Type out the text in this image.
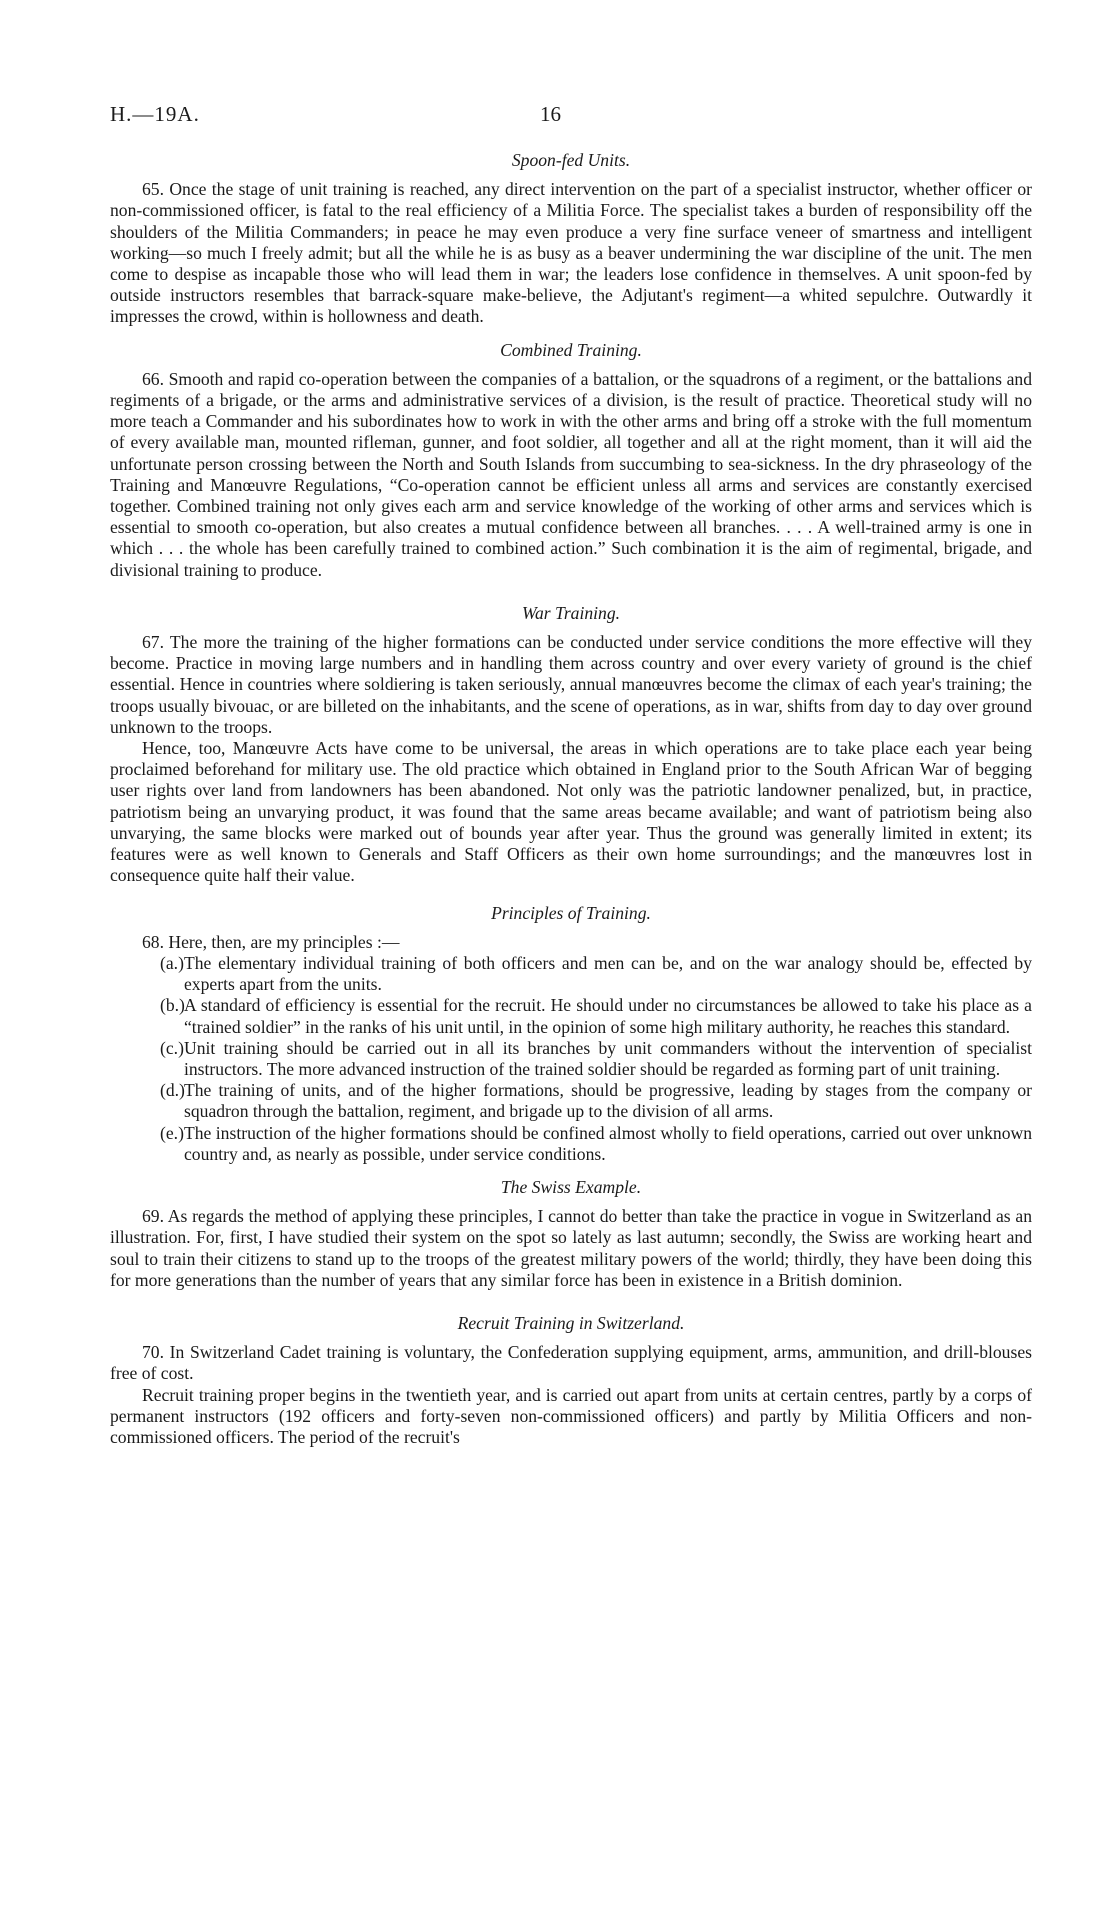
H.—19A.	16
Spoon-fed Units.

65. Once the stage of unit training is reached, any direct intervention on the part of a specialist instructor, whether officer or non-commissioned officer, is fatal to the real efficiency of a Militia Force. The specialist takes a burden of responsibility off the shoulders of the Militia Commanders; in peace he may even produce a very fine surface veneer of smartness and intelligent working—so much I freely admit; but all the while he is as busy as a beaver undermining the war discipline of the unit. The men come to despise as incapable those who will lead them in war; the leaders lose confidence in themselves. A unit spoon-fed by outside instructors resembles that barrack-square make-believe, the Adjutant's regiment—a whited sepulchre. Outwardly it impresses the crowd, within is hollowness and death.

Combined Training.

66. Smooth and rapid co-operation between the companies of a battalion, or the squadrons of a regiment, or the battalions and regiments of a brigade, or the arms and administrative services of a division, is the result of practice. Theoretical study will no more teach a Commander and his subordinates how to work in with the other arms and bring off a stroke with the full momentum of every available man, mounted rifleman, gunner, and foot soldier, all together and all at the right moment, than it will aid the unfortunate person crossing between the North and South Islands from succumbing to sea-sickness. In the dry phraseology of the Training and Manœuvre Regulations, “Co-operation cannot be efficient unless all arms and services are constantly exercised together. Combined training not only gives each arm and service knowledge of the working of other arms and services which is essential to smooth co-operation, but also creates a mutual confidence between all branches. . . . A well-trained army is one in which . . . the whole has been carefully trained to combined action.” Such combination it is the aim of regimental, brigade, and divisional training to produce.

War Training.

67. The more the training of the higher formations can be conducted under service conditions the more effective will they become. Practice in moving large numbers and in handling them across country and over every variety of ground is the chief essential. Hence in countries where soldiering is taken seriously, annual manœuvres become the climax of each year's training; the troops usually bivouac, or are billeted on the inhabitants, and the scene of operations, as in war, shifts from day to day over ground unknown to the troops.

Hence, too, Manœuvre Acts have come to be universal, the areas in which operations are to take place each year being proclaimed beforehand for military use. The old practice which obtained in England prior to the South African War of begging user rights over land from landowners has been abandoned. Not only was the patriotic landowner penalized, but, in practice, patriotism being an unvarying product, it was found that the same areas became available; and want of patriotism being also unvarying, the same blocks were marked out of bounds year after year. Thus the ground was generally limited in extent; its features were as well known to Generals and Staff Officers as their own home surroundings; and the manœuvres lost in consequence quite half their value.

Principles of Training.

68. Here, then, are my principles :—

(a.) The elementary individual training of both officers and men can be, and on the war analogy should be, effected by experts apart from the units.
(b.) A standard of efficiency is essential for the recruit. He should under no circumstances be allowed to take his place as a “trained soldier” in the ranks of his unit until, in the opinion of some high military authority, he reaches this standard.
(c.) Unit training should be carried out in all its branches by unit commanders without the intervention of specialist instructors. The more advanced instruction of the trained soldier should be regarded as forming part of unit training.
(d.) The training of units, and of the higher formations, should be progressive, leading by stages from the company or squadron through the battalion, regiment, and brigade up to the division of all arms.
(e.) The instruction of the higher formations should be confined almost wholly to field operations, carried out over unknown country and, as nearly as possible, under service conditions.
The Swiss Example.

69. As regards the method of applying these principles, I cannot do better than take the practice in vogue in Switzerland as an illustration. For, first, I have studied their system on the spot so lately as last autumn; secondly, the Swiss are working heart and soul to train their citizens to stand up to the troops of the greatest military powers of the world; thirdly, they have been doing this for more generations than the number of years that any similar force has been in existence in a British dominion.

Recruit Training in Switzerland.

70. In Switzerland Cadet training is voluntary, the Confederation supplying equipment, arms, ammunition, and drill-blouses free of cost.

Recruit training proper begins in the twentieth year, and is carried out apart from units at certain centres, partly by a corps of permanent instructors (192 officers and forty-seven non-commissioned officers) and partly by Militia Officers and non-commissioned officers. The period of the recruit's
